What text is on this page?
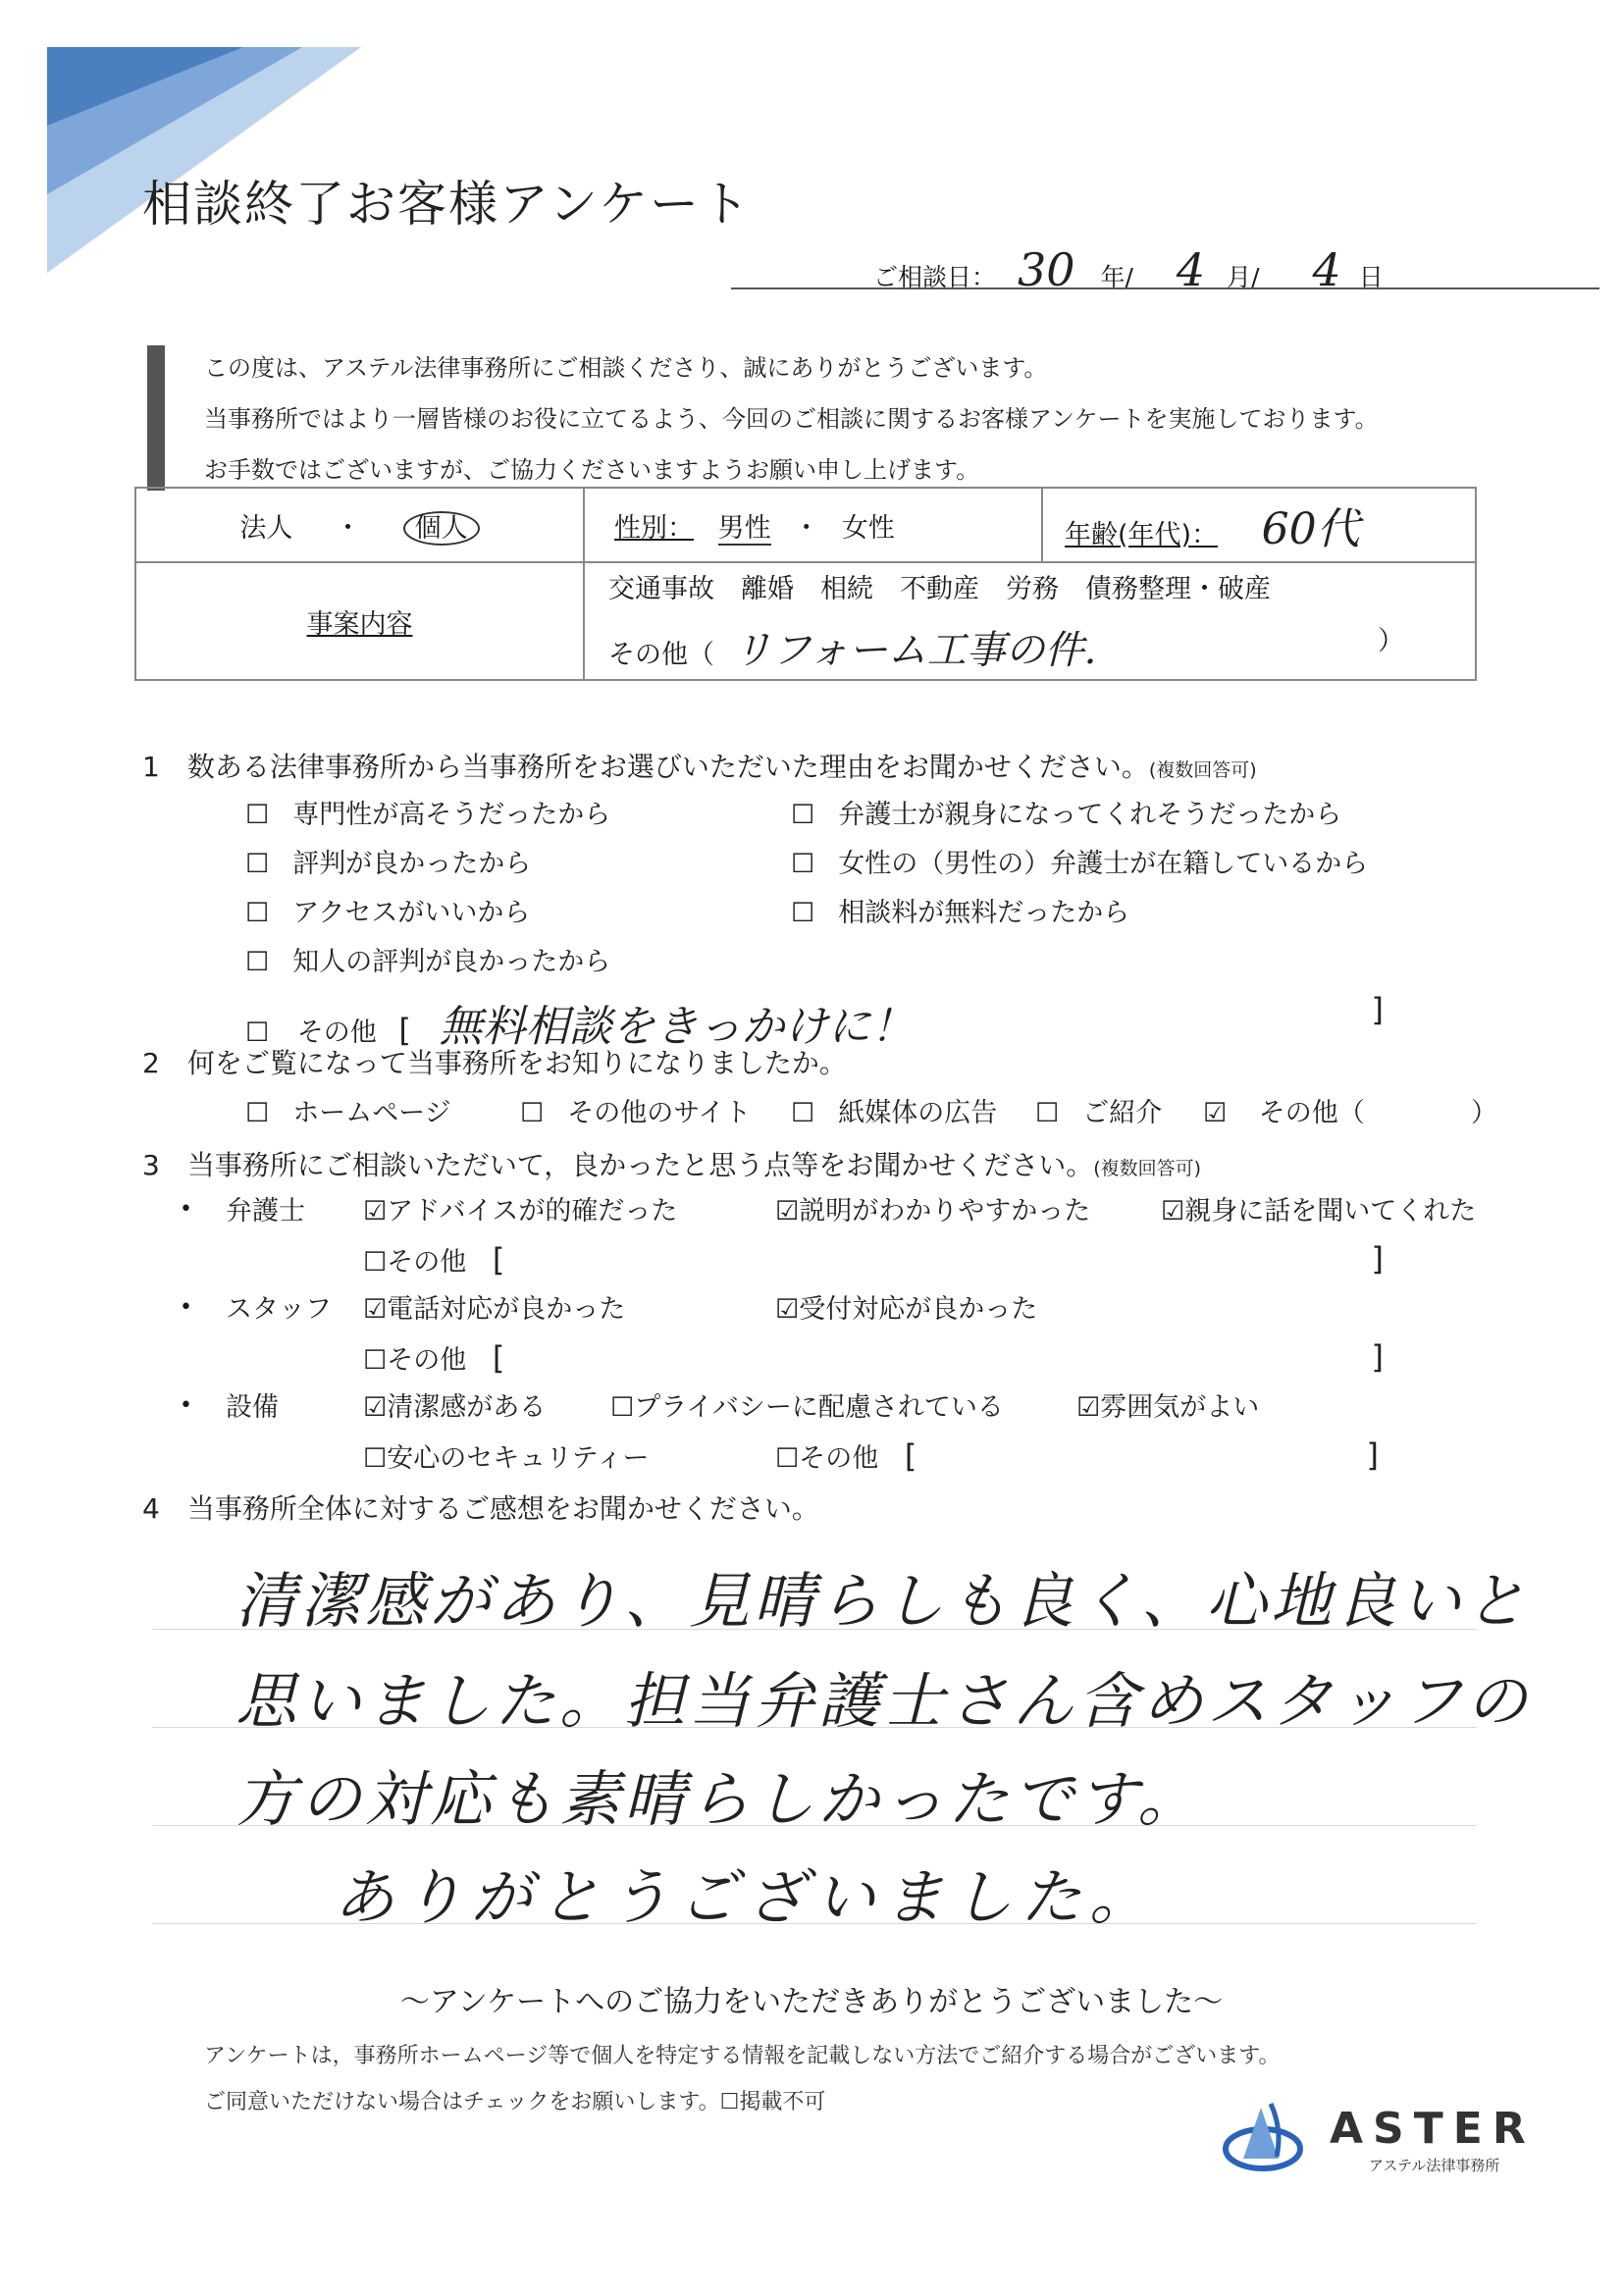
相談終了お客様アンケート
ご相談日： 30 年/ 4 月/ 4 日
この度は、アステル法律事務所にご相談くださり、誠にありがとうございます。
当事務所ではより一層皆様のお役に立てるよう、今回のご相談に関するお客様アンケートを実施しております。
お手数ではございますが、ご協力くださいますようお願い申し上げます。
法人 ・ 個人	性別： 男性 ・ 女性	年齢(年代)： 60代
事案内容	交通事故　離婚　相続　不動産　労務　債務整理・破産
その他（ リフォーム工事の件. ）	
1　数ある法律事務所から当事務所をお選びいただいた理由をお聞かせください。(複数回答可)
☐ 専門性が高そうだったから
☐ 評判が良かったから
☐ アクセスがいいから
☐ 知人の評判が良かったから
☐ 弁護士が親身になってくれそうだったから
☐ 女性の（男性の）弁護士が在籍しているから
☐ 相談料が無料だったから
☐ その他 [ 無料相談をきっかけに！	]
2　何をご覧になって当事務所をお知りになりましたか。
☐ ホームページ	☐ その他のサイト ☐ 紙媒体の広告 ☐ ご紹介 ☑ その他（	）
3　当事務所にご相談いただいて，良かったと思う点等をお聞かせください。(複数回答可)
• 弁護士 ☑アドバイスが的確だった	☑説明がわかりやすかった	☑親身に話を聞いてくれた
☐その他 [	]
• スタッフ ☑電話対応が良かった	☑受付対応が良かった
☐その他 [	]
• 設備	☑清潔感がある ☐プライバシーに配慮されている	☑雰囲気がよい
☐安心のセキュリティー	☐その他 [	]
4　当事務所全体に対するご感想をお聞かせください。
清潔感があり、見晴らしも良く、心地良いと
思いました。担当弁護士さん含めスタッフの
方の対応も素晴らしかったです。
ありがとうございました。
～アンケートへのご協力をいただきありがとうございました～
アンケートは，事務所ホームページ等で個人を特定する情報を記載しない方法でご紹介する場合がございます。
ご同意いただけない場合はチェックをお願いします。☐掲載不可
ASTER
アステル法律事務所
